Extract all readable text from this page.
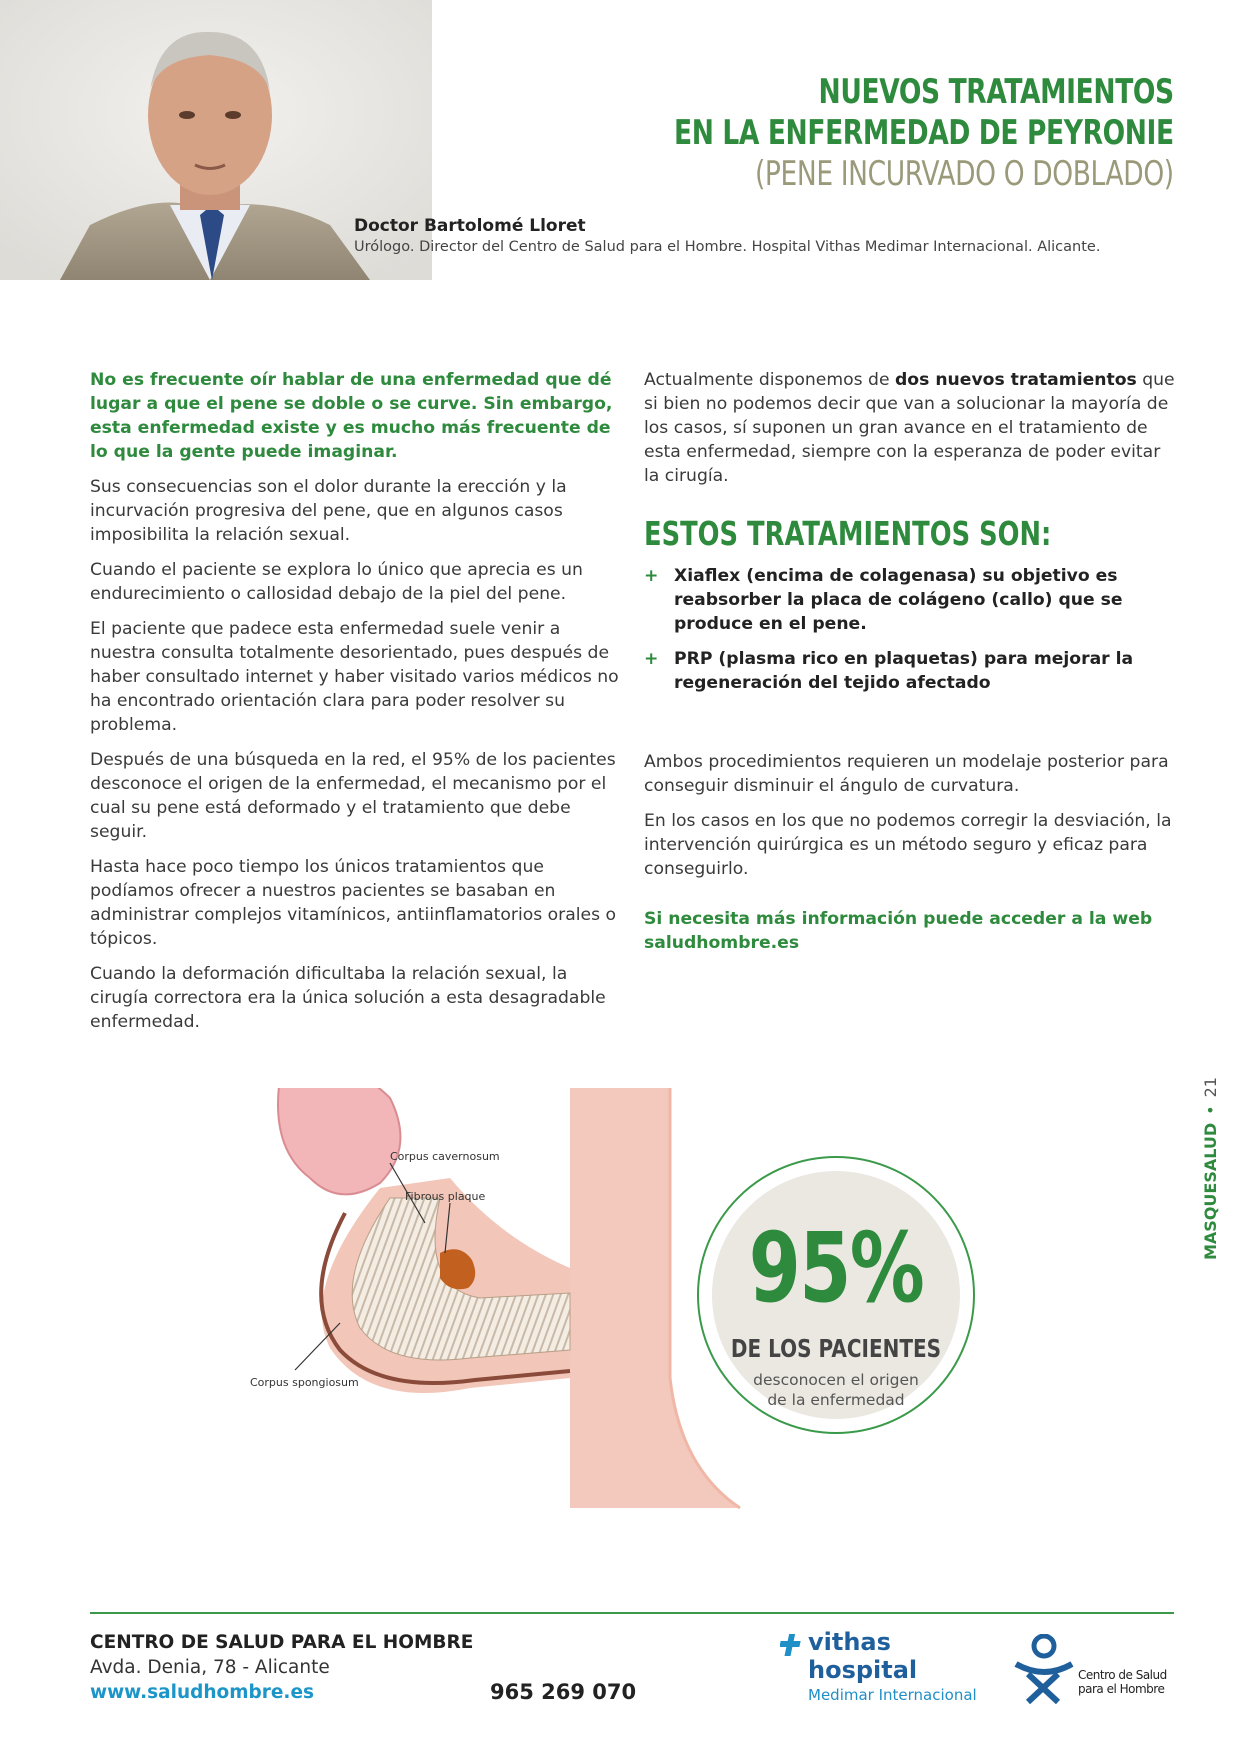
NUEVOS TRATAMIENTOS
EN LA ENFERMEDAD DE PEYRONIE
(PENE INCURVADO O DOBLADO)
Doctor Bartolomé Lloret
Urólogo. Director del Centro de Salud para el Hombre. Hospital Vithas Medimar Internacional. Alicante.

No es frecuente oír hablar de una enfermedad que dé lugar a que el pene se doble o se curve. Sin embargo, esta enfermedad existe y es mucho más frecuente de lo que la gente puede imaginar.

Sus consecuencias son el dolor durante la erección y la incurvación progresiva del pene, que en algunos casos imposibilita la relación sexual.

Cuando el paciente se explora lo único que aprecia es un endurecimiento o callosidad debajo de la piel del pene.

El paciente que padece esta enfermedad suele venir a nuestra consulta totalmente desorientado, pues después de haber consultado internet y haber visitado varios médicos no ha encontrado orientación clara para poder resolver su problema.

Después de una búsqueda en la red, el 95% de los pacientes desconoce el origen de la enfermedad, el mecanismo por el cual su pene está deformado y el tratamiento que debe seguir.

Hasta hace poco tiempo los únicos tratamientos que podíamos ofrecer a nuestros pacientes se basaban en administrar complejos vitamínicos, antiinflamatorios orales o tópicos.

Cuando la deformación dificultaba la relación sexual, la cirugía correctora era la única solución a esta desagradable enfermedad.

Actualmente disponemos de dos nuevos tratamientos que si bien no podemos decir que van a solucionar la mayoría de los casos, sí suponen un gran avance en el tratamiento de esta enfermedad, siempre con la esperanza de poder evitar la cirugía.

ESTOS TRATAMIENTOS SON:

+ Xiaflex (encima de colagenasa) su objetivo es reabsorber la placa de colágeno (callo) que se produce en el pene.

+ PRP (plasma rico en plaquetas) para mejorar la regeneración del tejido afectado

Ambos procedimientos requieren un modelaje posterior para conseguir disminuir el ángulo de curvatura.

En los casos en los que no podemos corregir la desviación, la intervención quirúrgica es un método seguro y eficaz para conseguirlo.

Si necesita más información puede acceder a la web saludhombre.es

MASQUESALUD•21
Corpus cavernosum
Fibrous plaque
Corpus spongiosum
95%
DE LOS PACIENTES
desconocen el origen de la enfermedad
CENTRO DE SALUD PARA EL HOMBRE
Avda. Denia, 78 - Alicante
www.saludhombre.es	965 269 070
vithas
hospital
Medimar Internacional
Centro de Salud
para el Hombre
